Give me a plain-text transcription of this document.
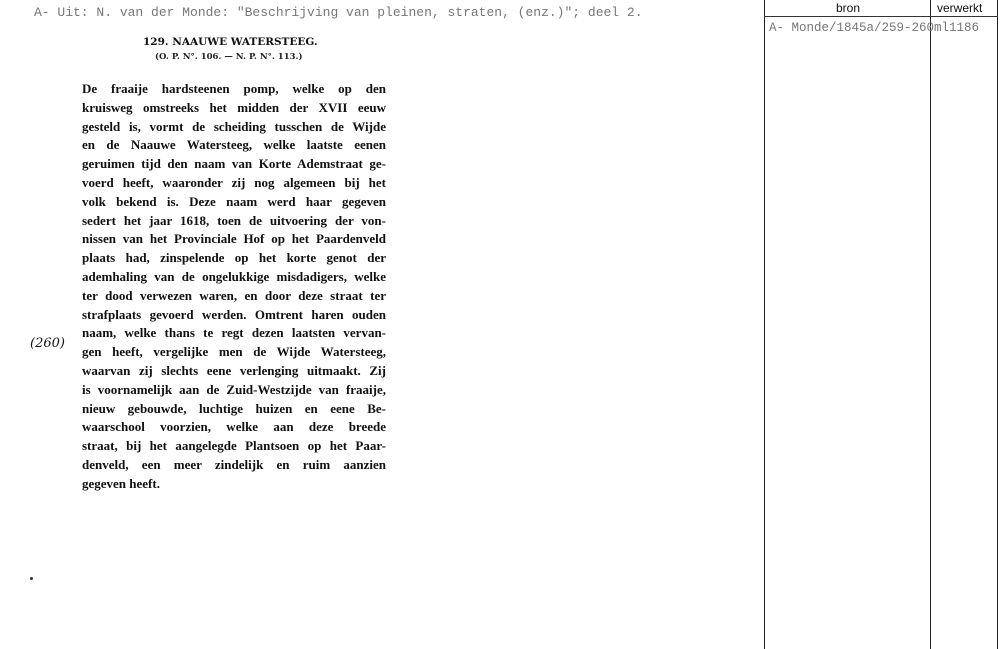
A- Uit: N. van der Monde: "Beschrijving van pleinen, straten, (enz.)"; deel 2.
129. NAAUWE WATERSTEEG.
(O. P. N°. 106. — N. P. N°. 113.)
(260)
De fraaije hardsteenen pomp, welke op den
kruisweg omstreeks het midden der XVII eeuw
gesteld is, vormt de scheiding tusschen de Wijde
en de Naauwe Watersteeg, welke laatste eenen
geruimen tijd den naam van Korte Ademstraat ge-
voerd heeft, waaronder zij nog algemeen bij het
volk bekend is. Deze naam werd haar gegeven
sedert het jaar 1618, toen de uitvoering der von-
nissen van het Provinciale Hof op het Paardenveld
plaats had, zinspelende op het korte genot der
ademhaling van de ongelukkige misdadigers, welke
ter dood verwezen waren, en door deze straat ter
strafplaats gevoerd werden. Omtrent haren ouden
naam, welke thans te regt dezen laatsten vervan-
gen heeft, vergelijke men de Wijde Watersteeg,
waarvan zij slechts eene verlenging uitmaakt. Zij
is voornamelijk aan de Zuid-Westzijde van fraaije,
nieuw gebouwde, luchtige huizen en eene Be-
waarschool voorzien, welke aan deze breede
straat, bij het aangelegde Plantsoen op het Paar-
denveld, een meer zindelijk en ruim aanzien
gegeven heeft.
bron	verwerkt
A- Monde/1845a/259-260 ml1186
